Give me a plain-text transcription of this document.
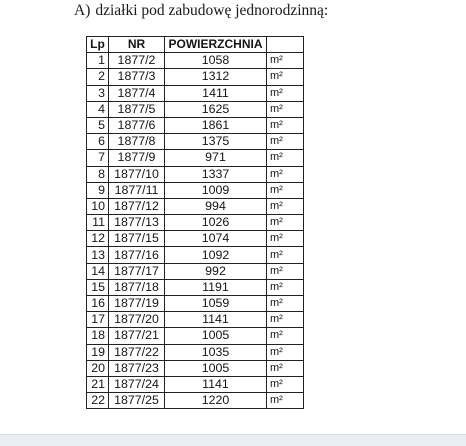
A) działki pod zabudowę jednorodzinną:
Lp	NR	POWIERZCHNIA	
1	1877/2	1058	m²
2	1877/3	1312	m²
3	1877/4	1411	m²
4	1877/5	1625	m²
5	1877/6	1861	m²
6	1877/8	1375	m²
7	1877/9	971	m²
8	1877/10	1337	m²
9	1877/11	1009	m²
10	1877/12	994	m²
11	1877/13	1026	m²
12	1877/15	1074	m²
13	1877/16	1092	m²
14	1877/17	992	m²
15	1877/18	1191	m²
16	1877/19	1059	m²
17	1877/20	1141	m²
18	1877/21	1005	m²
19	1877/22	1035	m²
20	1877/23	1005	m²
21	1877/24	1141	m²
22	1877/25	1220	m²
